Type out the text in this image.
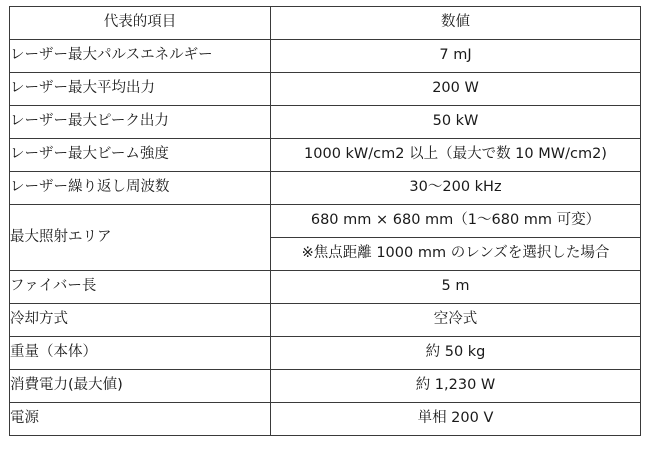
代表的項目	数値
レーザー最大パルスエネルギー	7 mJ
レーザー最大平均出力	200 W
レーザー最大ピーク出力	50 kW
レーザー最大ビーム強度	1000 kW/cm2 以上（最大で数 10 MW/cm2)
レーザー繰り返し周波数	30〜200 kHz
最大照射エリア	680 mm × 680 mm（1〜680 mm 可変）
	※焦点距離 1000 mm のレンズを選択した場合
ファイバー長	5 m
冷却方式	空冷式
重量（本体）	約 50 kg
消費電力(最大値)	約 1,230 W
電源	単相 200 V
